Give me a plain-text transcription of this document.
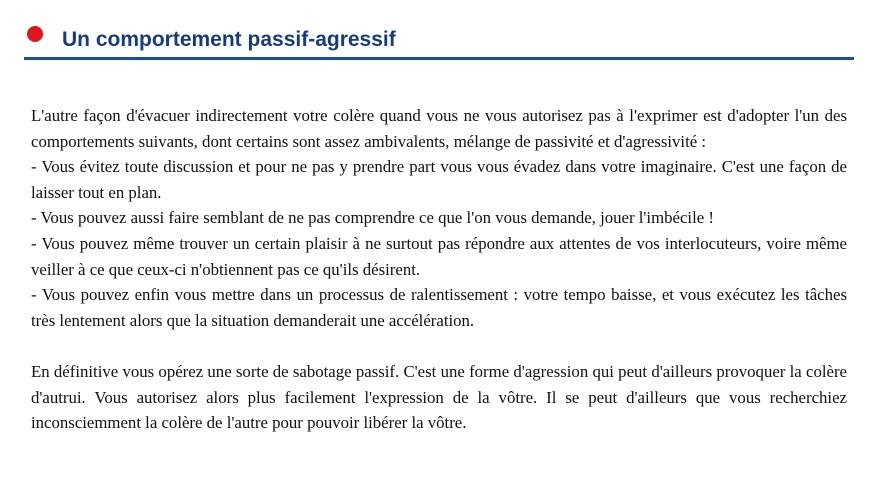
Un comportement passif-agressif

L'autre façon d'évacuer indirectement votre colère quand vous ne vous autorisez pas à l'exprimer est d'adopter l'un des comportements suivants, dont certains sont assez ambivalents, mélange de passivité et d'agressivité :

- Vous évitez toute discussion et pour ne pas y prendre part vous vous évadez dans votre imaginaire. C'est une façon de laisser tout en plan.

- Vous pouvez aussi faire semblant de ne pas comprendre ce que l'on vous demande, jouer l'imbécile !

- Vous pouvez même trouver un certain plaisir à ne surtout pas répondre aux attentes de vos interlocuteurs, voire même veiller à ce que ceux-ci n'obtiennent pas ce qu'ils désirent.

- Vous pouvez enfin vous mettre dans un processus de ralentissement : votre tempo baisse, et vous exécutez les tâches très lentement alors que la situation demanderait une accélération.

En définitive vous opérez une sorte de sabotage passif. C'est une forme d'agression qui peut d'ailleurs provoquer la colère d'autrui. Vous autorisez alors plus facilement l'expression de la vôtre. Il se peut d'ailleurs que vous recherchiez inconsciemment la colère de l'autre pour pouvoir libérer la vôtre.
